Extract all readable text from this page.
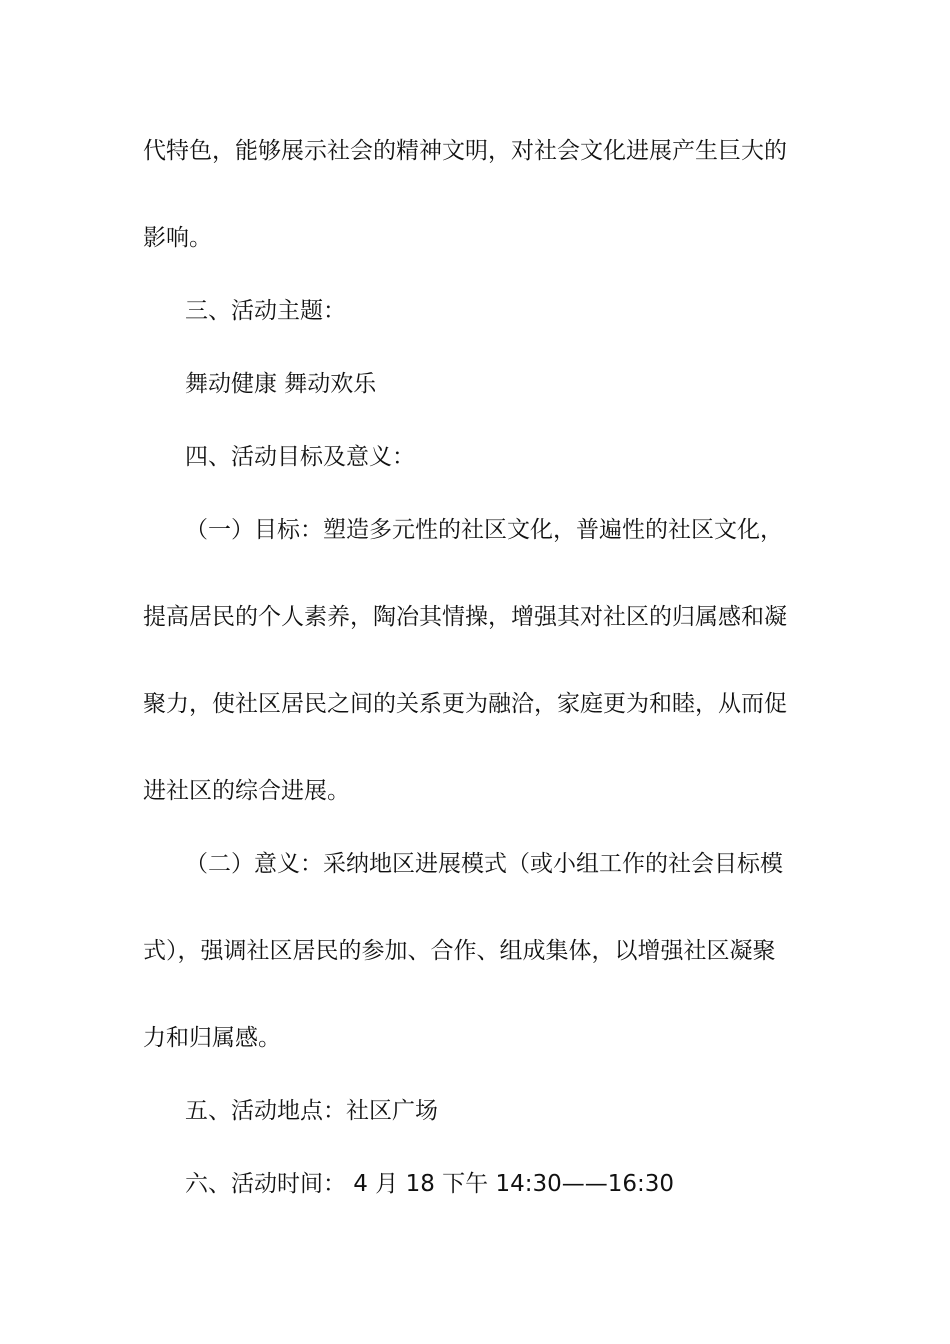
代特色，能够展示社会的精神文明，对社会文化进展产生巨大的
影响。
三、活动主题：
舞动健康 舞动欢乐
四、活动目标及意义：
（一）目标：塑造多元性的社区文化，普遍性的社区文化，
提高居民的个人素养，陶冶其情操，增强其对社区的归属感和凝
聚力，使社区居民之间的关系更为融洽，家庭更为和睦，从而促
进社区的综合进展。
（二）意义：采纳地区进展模式（或小组工作的社会目标模
式），强调社区居民的参加、合作、组成集体，以增强社区凝聚
力和归属感。
五、活动地点：社区广场
六、活动时间： 4 月 18 下午 14:30——16:30
